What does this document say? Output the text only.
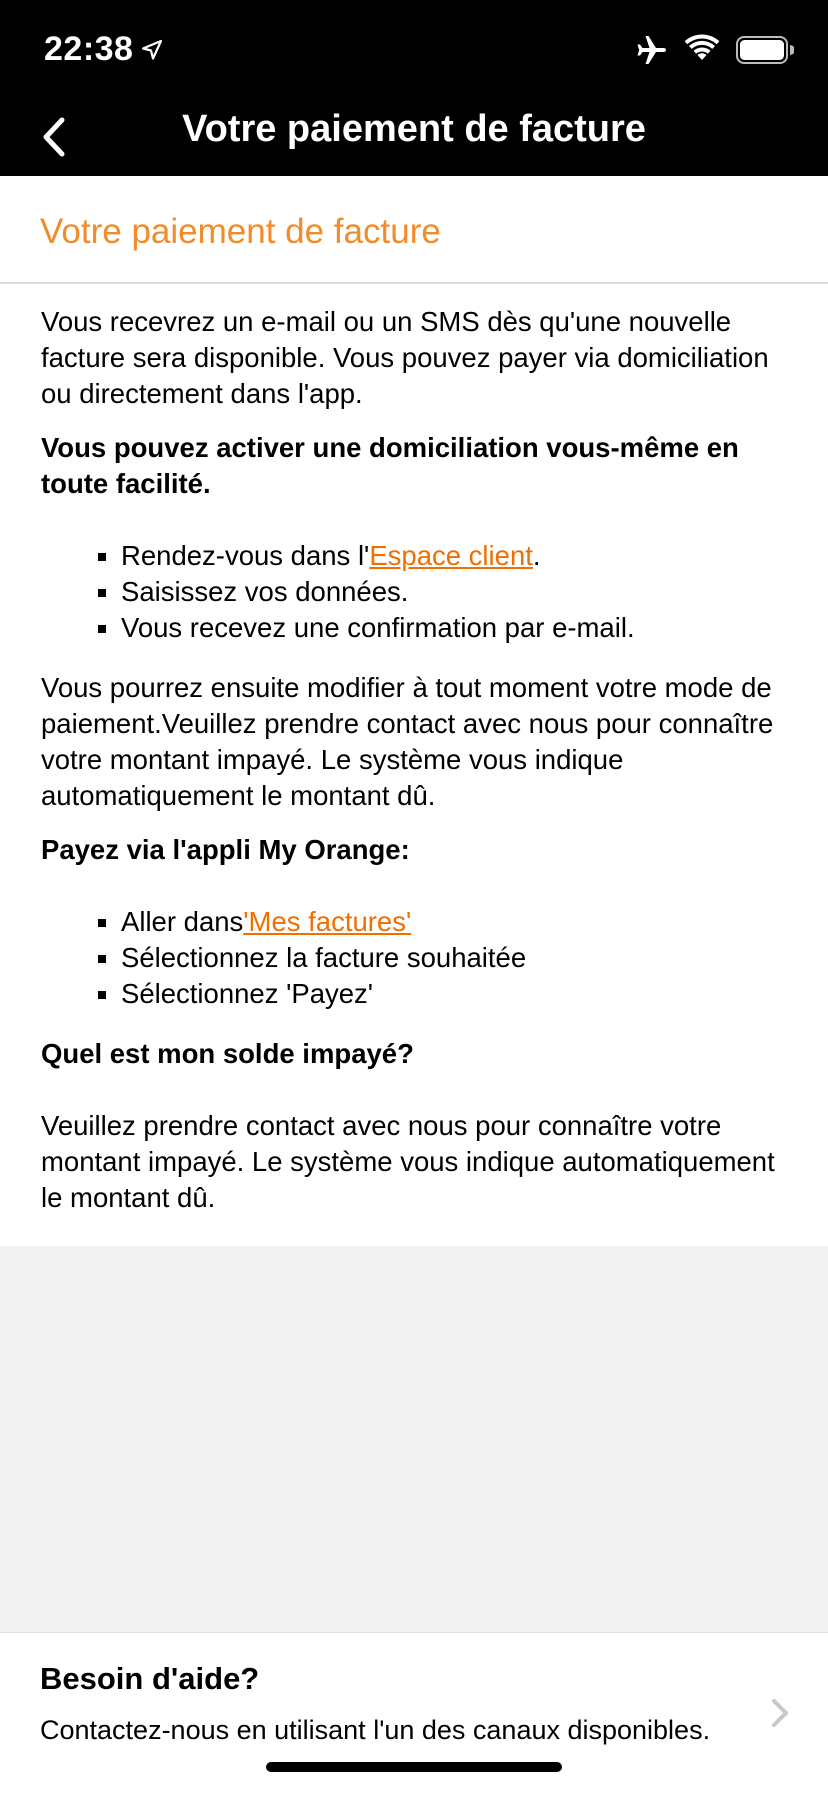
22:38
Votre paiement de facture
Votre paiement de facture

Vous recevrez un e-mail ou un SMS dès qu'une nouvelle facture sera disponible. Vous pouvez payer via domiciliation ou directement dans l'app.

Vous pouvez activer une domiciliation vous-même en toute facilité.

▪ Rendez-vous dans l'Espace client.
▪ Saisissez vos données.
▪ Vous recevez une confirmation par e-mail.

Vous pourrez ensuite modifier à tout moment votre mode de paiement.Veuillez prendre contact avec nous pour connaître votre montant impayé. Le système vous indique automatiquement le montant dû.

Payez via l'appli My Orange:

▪ Aller dans'Mes factures'
▪ Sélectionnez la facture souhaitée
▪ Sélectionnez 'Payez'

Quel est mon solde impayé?

Veuillez prendre contact avec nous pour connaître votre montant impayé. Le système vous indique automatiquement le montant dû.

Besoin d'aide?
Contactez-nous en utilisant l'un des canaux disponibles.
